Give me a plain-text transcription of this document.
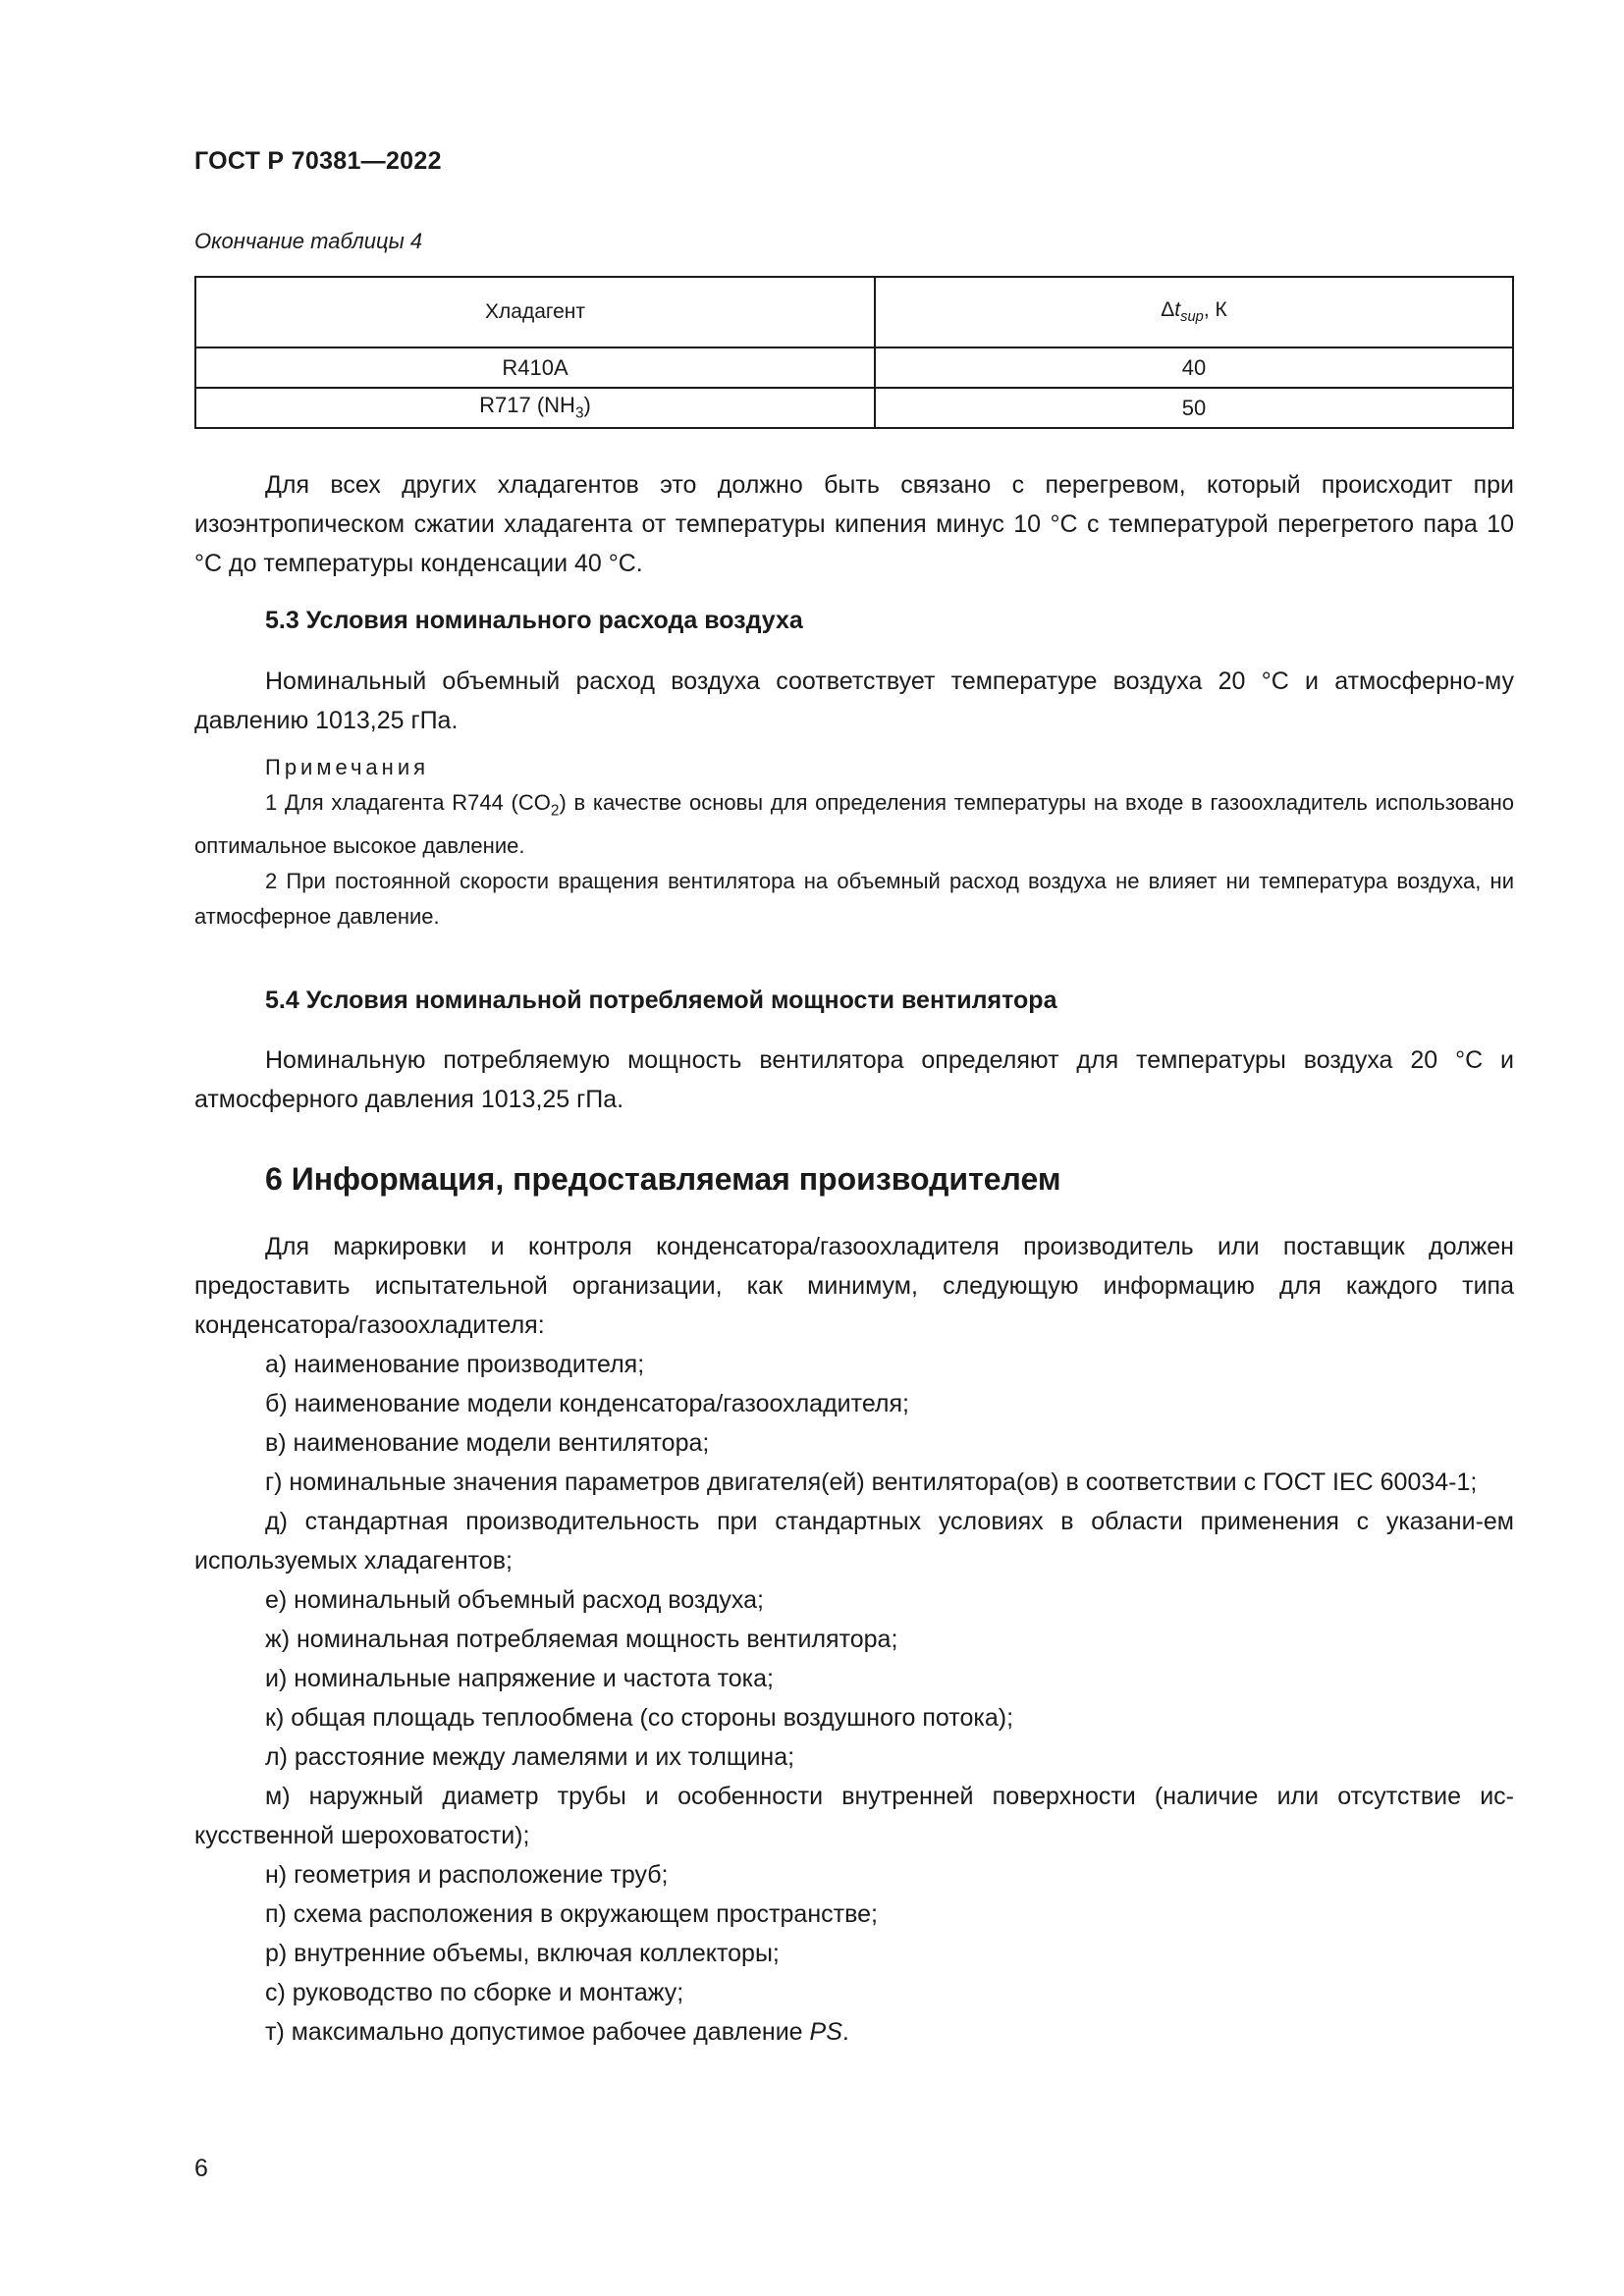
ГОСТ Р 70381—2022
Окончание таблицы 4
Хладагент	$\Delta t_{sup}$, К
R410A	40
R717 $(NH_3)$	50

Для всех других хладагентов это должно быть связано с перегревом, который происходит при изоэнтропическом сжатии хладагента от температуры кипения минус 10 °С с температурой перегретого пара 10 °С до температуры конденсации 40 °С.

5.3 Условия номинального расхода воздуха

Номинальный объемный расход воздуха соответствует температуре воздуха 20 °С и атмосферно-му давлению 1013,25 гПа.

Примечания

1 Для хладагента R744 $(CO_2)$ в качестве основы для определения температуры на входе в газоохладитель использовано оптимальное высокое давление.

2 При постоянной скорости вращения вентилятора на объемный расход воздуха не влияет ни температура воздуха, ни атмосферное давление.

5.4 Условия номинальной потребляемой мощности вентилятора

Номинальную потребляемую мощность вентилятора определяют для температуры воздуха 20 °С и атмосферного давления 1013,25 гПа.

6 Информация, предоставляемая производителем

Для маркировки и контроля конденсатора/газоохладителя производитель или поставщик должен предоставить испытательной организации, как минимум, следующую информацию для каждого типа конденсатора/газоохладителя:

а) наименование производителя;

б) наименование модели конденсатора/газоохладителя;

в) наименование модели вентилятора;

г) номинальные значения параметров двигателя(ей) вентилятора(ов) в соответствии с ГОСТ IEC 60034-1;

д) стандартная производительность при стандартных условиях в области применения с указани-ем используемых хладагентов;

е) номинальный объемный расход воздуха;

ж) номинальная потребляемая мощность вентилятора;

и) номинальные напряжение и частота тока;

к) общая площадь теплообмена (со стороны воздушного потока);

л) расстояние между ламелями и их толщина;

м) наружный диаметр трубы и особенности внутренней поверхности (наличие или отсутствие ис-кусственной шероховатости);

н) геометрия и расположение труб;

п) схема расположения в окружающем пространстве;

р) внутренние объемы, включая коллекторы;

с) руководство по сборке и монтажу;

т) максимально допустимое рабочее давление PS.

6
